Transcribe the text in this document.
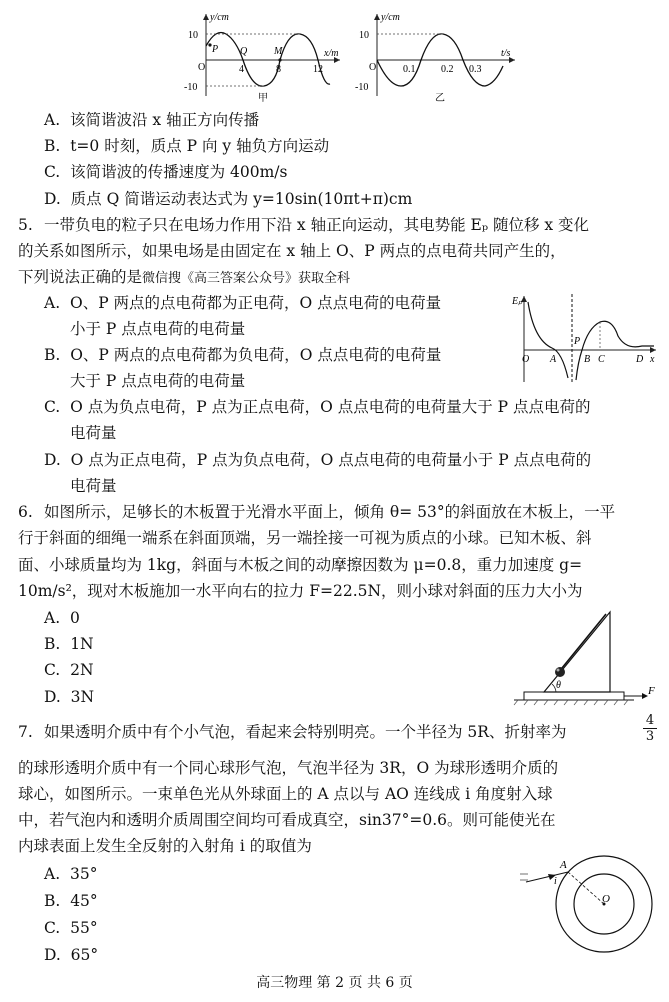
y/cm
10
-10
O
P Q	M
4	8	12
x/m
甲
y/cm
10
-10
O	0.1	0.2 0.3
t/s
乙
A. 该简谐波沿 x 轴正方向传播
B. t=0 时刻，质点 P 向 y 轴负方向运动
C. 该简谐波的传播速度为 400m/s
D. 质点 Q 简谐运动表达式为 y=10sin(10πt+π)cm
5. 一带负电的粒子只在电场力作用下沿 x 轴正向运动，其电势能 Eₚ 随位移 x 变化
的关系如图所示，如果电场是由固定在 x 轴上 O、P 两点的点电荷共同产生的，
下列说法正确的是微信搜《高三答案公众号》获取全科
A. O、P 两点的点电荷都为正电荷，O 点点电荷的电荷量
小于 P 点点电荷的电荷量
B. O、P 两点的点电荷都为负电荷，O 点点电荷的电荷量
大于 P 点点电荷的电荷量
C. O 点为负点电荷，P 点为正点电荷，O 点点电荷的电荷量大于 P 点点电荷的
电荷量
D. O 点为正点电荷，P 点为负点电荷，O 点点电荷的电荷量小于 P 点点电荷的
电荷量
Eₚ
O A
P
B C	D x
6. 如图所示，足够长的木板置于光滑水平面上，倾角 θ= 53°的斜面放在木板上，一平
行于斜面的细绳一端系在斜面顶端，另一端拴接一可视为质点的小球。已知木板、斜
面、小球质量均为 1kg，斜面与木板之间的动摩擦因数为 μ=0.8，重力加速度 g=
10m/s²，现对木板施加一水平向右的拉力 F=22.5N，则小球对斜面的压力大小为
A. 0
B. 1N
C. 2N
D. 3N
θ	F
7. 如果透明介质中有个小气泡，看起来会特别明亮。一个半径为 5R、折射率为
4
3
的球形透明介质中有一个同心球形气泡，气泡半径为 3R，O 为球形透明介质的
球心，如图所示。一束单色光从外球面上的 A 点以与 AO 连线成 i 角度射入球
中，若气泡内和透明介质周围空间均可看成真空，sin37°=0.6。则可能使光在
内球表面上发生全反射的入射角 i 的取值为
A. 35°
B. 45°
C. 55°
D. 65°
A
i
O
高三物理 第 2 页 共 6 页
